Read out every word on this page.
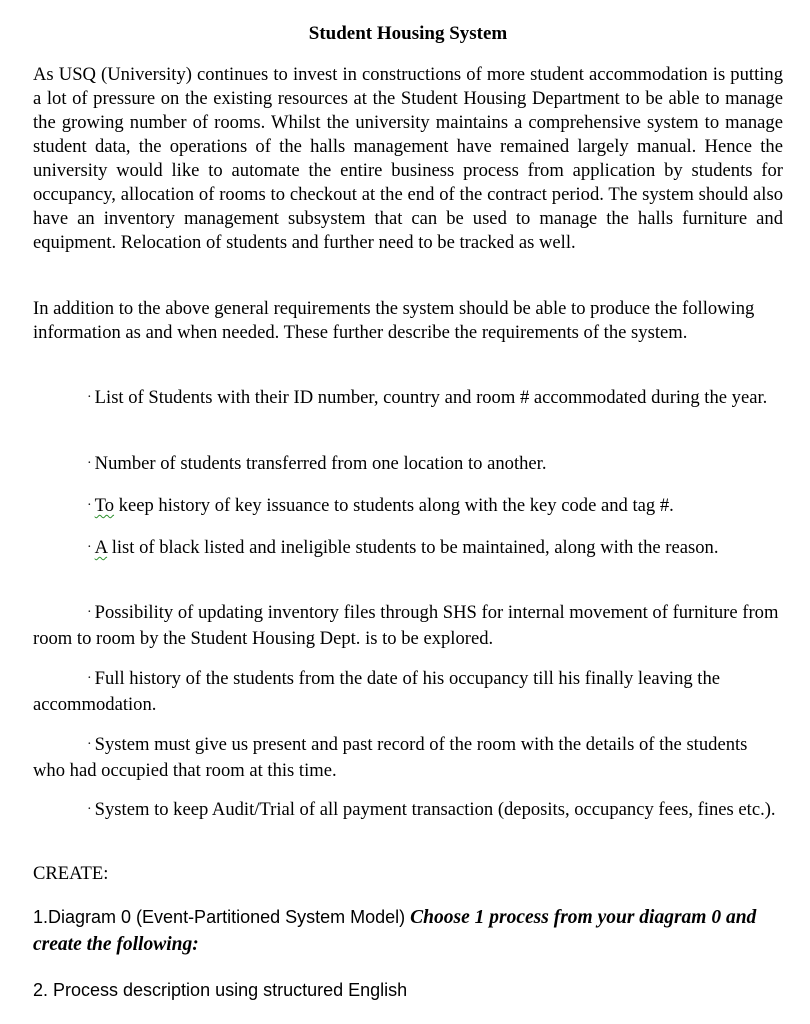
Student Housing System

As USQ (University) continues to invest in constructions of more student accommodation is putting a lot of pressure on the existing resources at the Student Housing Department to be able to manage the growing number of rooms. Whilst the university maintains a comprehensive system to manage student data, the operations of the halls management have remained largely manual. Hence the university would like to automate the entire business process from application by students for occupancy, allocation of rooms to checkout at the end of the contract period. The system should also have an inventory management subsystem that can be used to manage the halls furniture and equipment. Relocation of students and further need to be tracked as well.

In addition to the above general requirements the system should be able to produce the following information as and when needed. These further describe the requirements of the system.

· List of Students with their ID number, country and room # accommodated during the year.

· Number of students transferred from one location to another.

· To keep history of key issuance to students along with the key code and tag #.

· A list of black listed and ineligible students to be maintained, along with the reason.

· Possibility of updating inventory files through SHS for internal movement of furniture from room to room by the Student Housing Dept. is to be explored.

· Full history of the students from the date of his occupancy till his finally leaving the accommodation.

· System must give us present and past record of the room with the details of the students who had occupied that room at this time.

· System to keep Audit/Trial of all payment transaction (deposits, occupancy fees, fines etc.).

CREATE:

1.Diagram 0 (Event-Partitioned System Model) Choose 1 process from your diagram 0 and create the following:

2. Process description using structured English
